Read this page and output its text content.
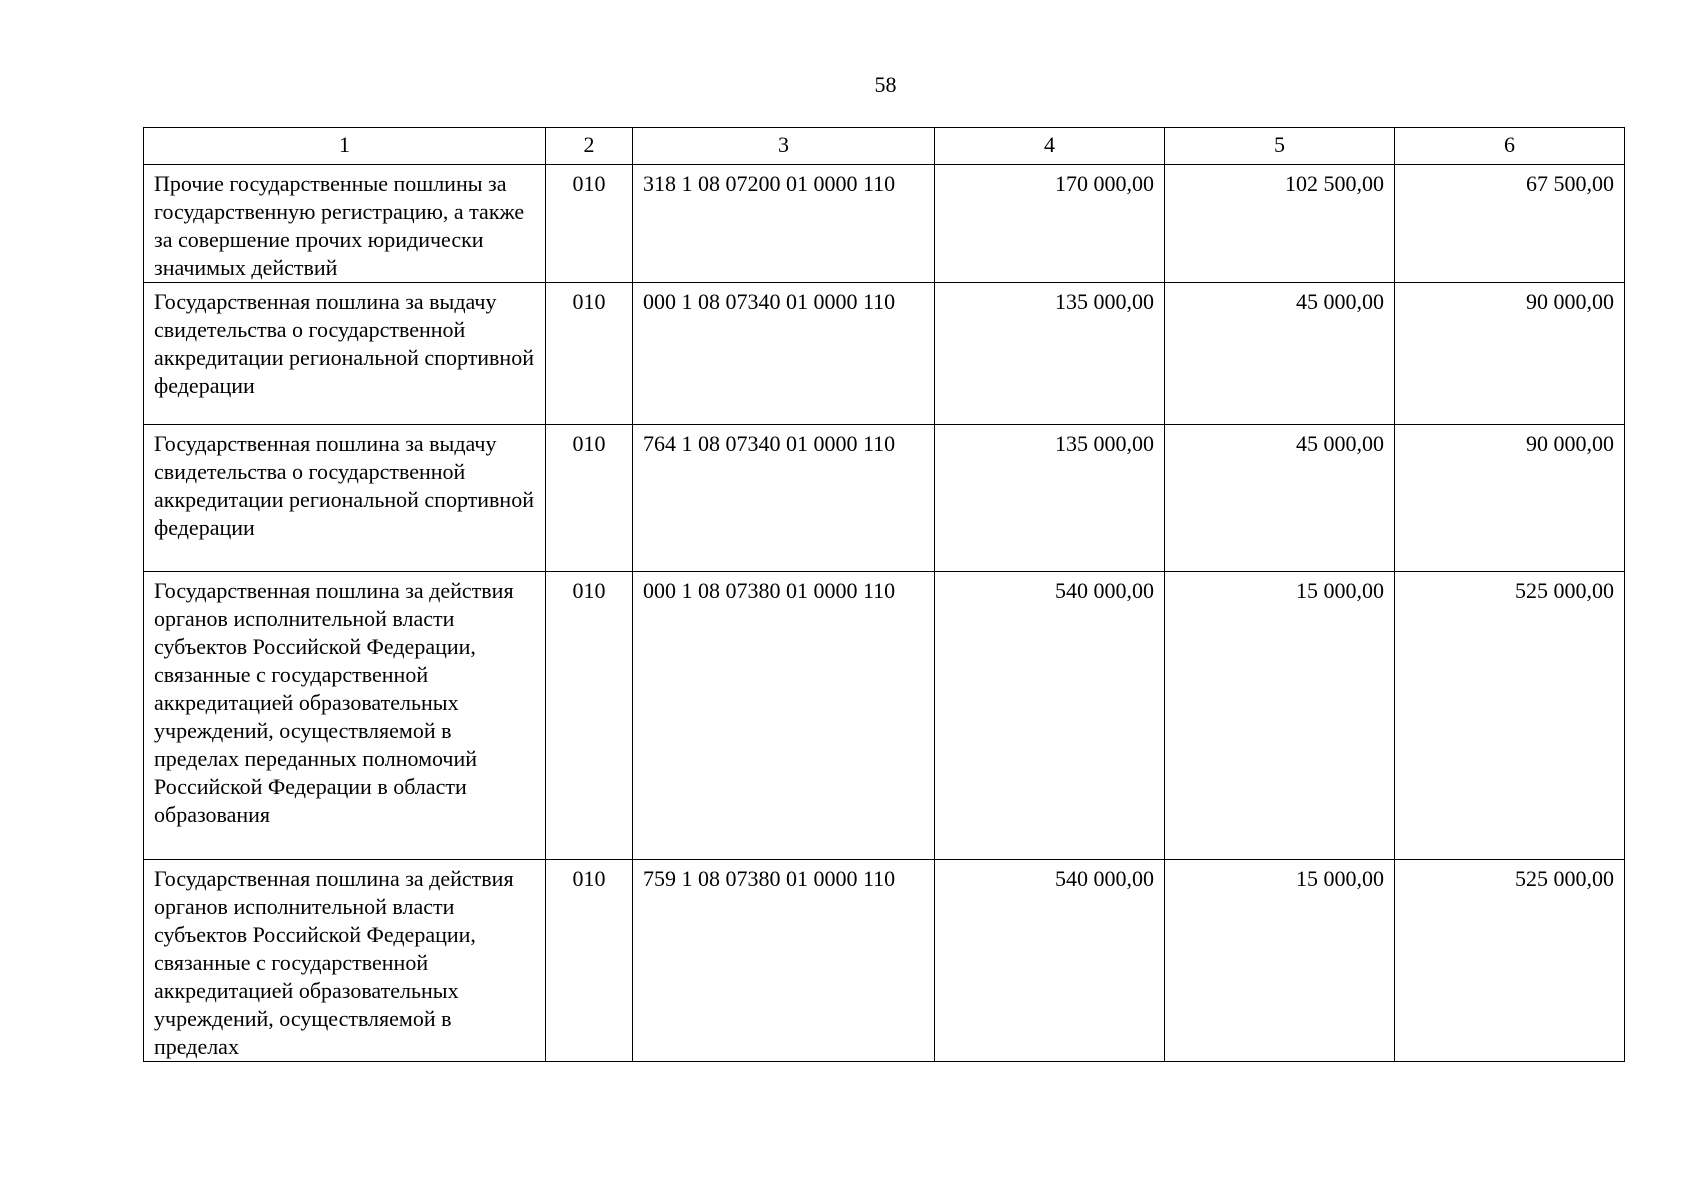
58
1	2	3	4	5	6

Прочие государственные пошлины за государственную регистрацию, а также за совершение прочих юридически значимых действий	010	318 1 08 07200 01 0000 110	170 000,00	102 500,00	67 500,00

Государственная пошлина за выдачу свидетельства о государственной аккредитации региональной спортивной федерации	010	000 1 08 07340 01 0000 110	135 000,00	45 000,00	90 000,00

Государственная пошлина за выдачу свидетельства о государственной аккредитации региональной спортивной федерации	010	764 1 08 07340 01 0000 110	135 000,00	45 000,00	90 000,00

Государственная пошлина за действия органов исполнительной власти субъектов Российской Федерации, связанные с государственной аккредитацией образовательных учреждений, осуществляемой в пределах переданных полномочий Российской Федерации в области образования	010	000 1 08 07380 01 0000 110	540 000,00	15 000,00	525 000,00

Государственная пошлина за действия органов исполнительной власти субъектов Российской Федерации, связанные с государственной аккредитацией образовательных учреждений, осуществляемой в пределах	010	759 1 08 07380 01 0000 110	540 000,00	15 000,00	525 000,00
